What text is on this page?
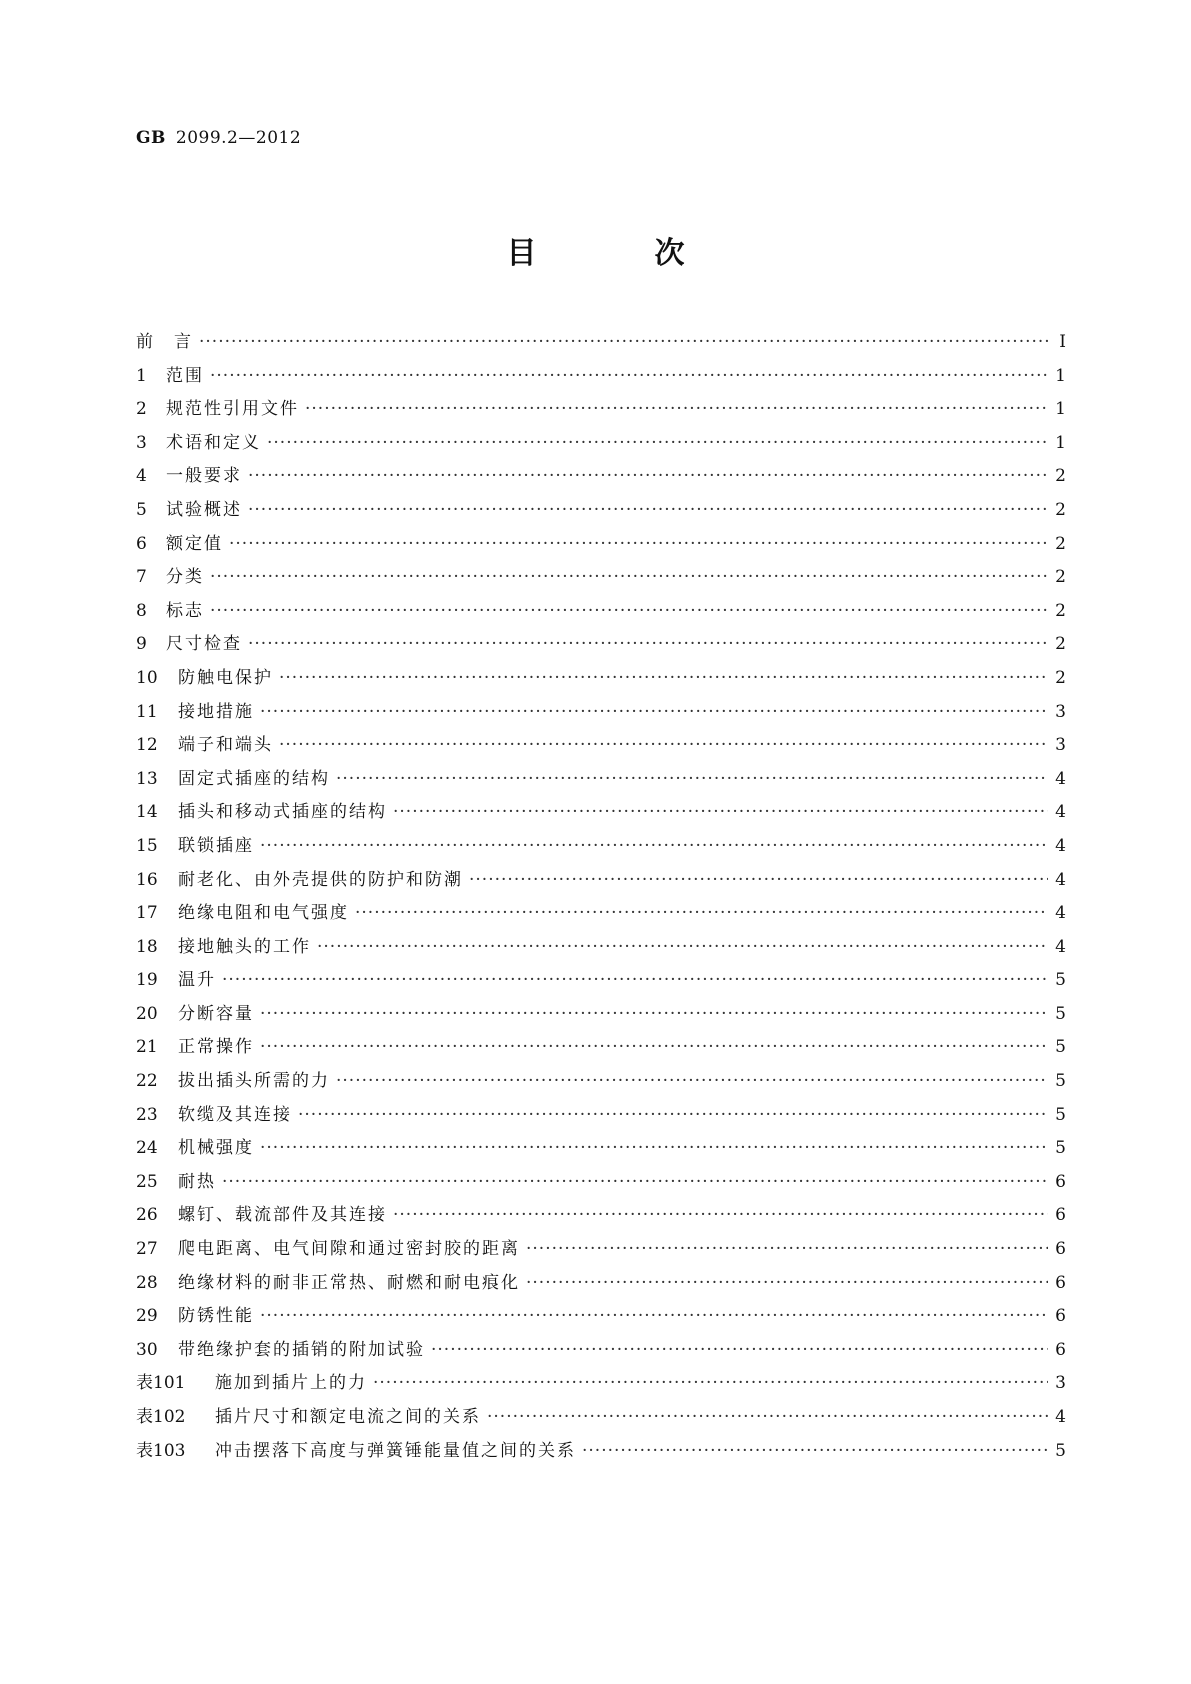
GB 2099.2—2012
目　次
前　言 ·····	Ⅰ
1	范围 ·····	1
2	规范性引用文件 ·····	1
3	术语和定义 ·····	1
4	一般要求 ·····	2
5	试验概述 ·····	2
6	额定值 ·····	2
7	分类 ·····	2
8	标志 ·····	2
9	尺寸检查 ·····	2
10	防触电保护 ·····	2
11	接地措施 ·····	3
12	端子和端头 ·····	3
13	固定式插座的结构 ·····	4
14	插头和移动式插座的结构 ·····	4
15	联锁插座 ·····	4
16	耐老化、由外壳提供的防护和防潮 ·····	4
17	绝缘电阻和电气强度 ·····	4
18	接地触头的工作 ·····	4
19	温升 ·····	5
20	分断容量 ·····	5
21	正常操作 ·····	5
22	拔出插头所需的力 ·····	5
23	软缆及其连接 ·····	5
24	机械强度 ·····	5
25	耐热 ·····	6
26	螺钉、载流部件及其连接 ·····	6
27	爬电距离、电气间隙和通过密封胶的距离 ·····	6
28	绝缘材料的耐非正常热、耐燃和耐电痕化 ·····	6
29	防锈性能 ·····	6
30	带绝缘护套的插销的附加试验 ·····	6
表101	施加到插片上的力 ·····	3
表102	插片尺寸和额定电流之间的关系 ·····	4
表103	冲击摆落下高度与弹簧锤能量值之间的关系 ·····	5
